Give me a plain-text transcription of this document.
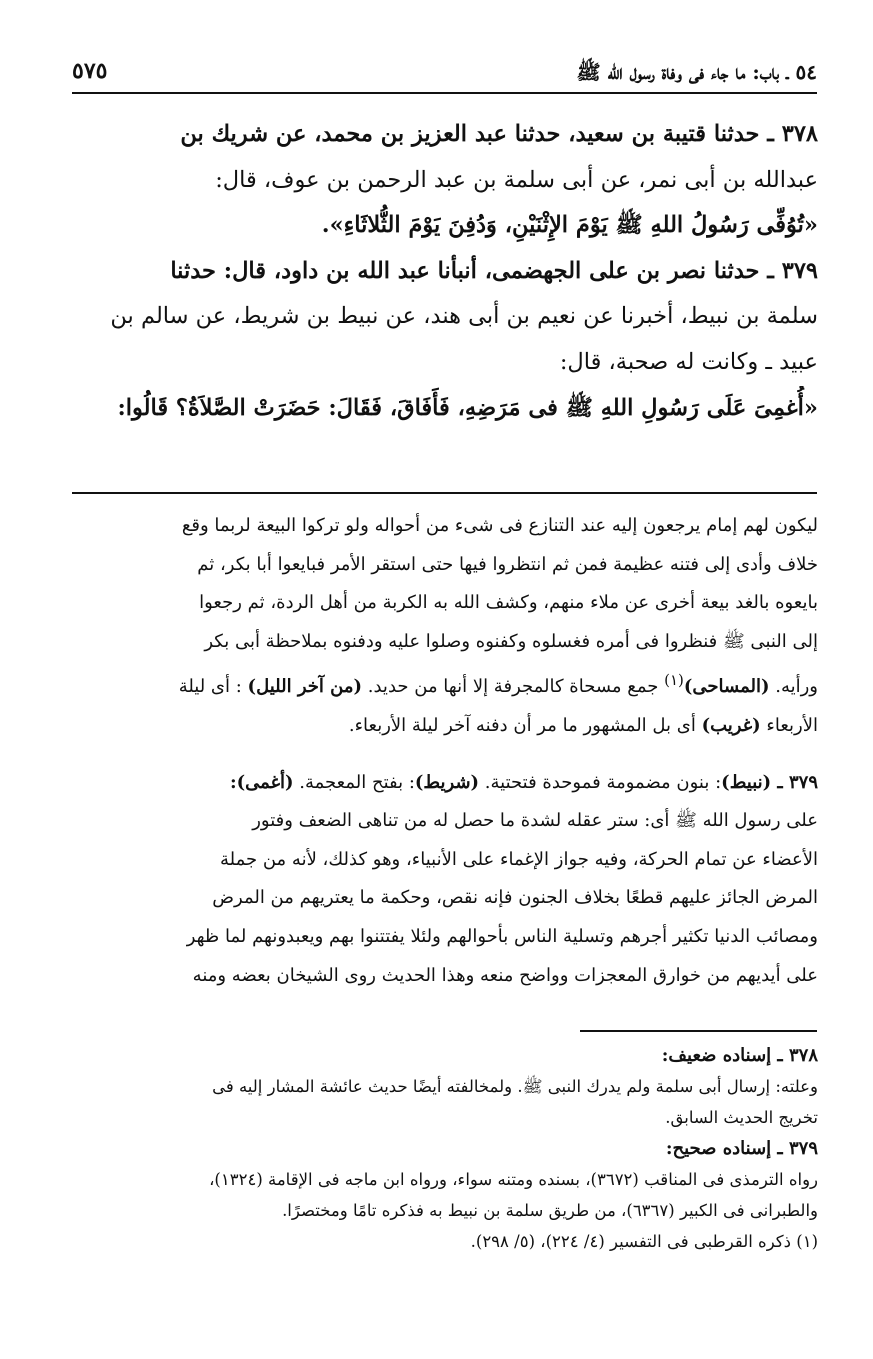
٥٤ ـ باب: ما جاء فى وفاة رسول الله ﷺ
٥٧٥
٣٧٨ ـ حدثنا قتيبة بن سعيد، حدثنا عبد العزيز بن محمد، عن شريك بن
عبدالله بن أبى نمر، عن أبى سلمة بن عبد الرحمن بن عوف، قال:
«تُوُفِّى رَسُولُ اللهِ ﷺ يَوْمَ الإِثْنَيْنِ، وَدُفِنَ يَوْمَ الثُّلاثَاءِ».
٣٧٩ ـ حدثنا نصر بن على الجهضمى، أنبأنا عبد الله بن داود، قال: حدثنا
سلمة بن نبيط، أخبرنا عن نعيم بن أبى هند، عن نبيط بن شريط، عن سالم بن
عبيد ـ وكانت له صحبة، قال:
«أُغمِىَ عَلَى رَسُولِ اللهِ ﷺ فى مَرَضِهِ، فَأَفَاقَ، فَقَالَ: حَضَرَتْ الصَّلاَةُ؟ قَالُوا:
ليكون لهم إمام يرجعون إليه عند التنازع فى شىء من أحواله ولو تركوا البيعة لربما وقع
خلاف وأدى إلى فتنه عظيمة فمن ثم انتظروا فيها حتى استقر الأمر فبايعوا أبا بكر، ثم
بايعوه بالغد بيعة أخرى عن ملاء منهم، وكشف الله به الكربة من أهل الردة، ثم رجعوا
إلى النبى ﷺ فنظروا فى أمره فغسلوه وكفنوه وصلوا عليه ودفنوه بملاحظة أبى بكر
ورأيه. (المساحى)$^{(١)}$ جمع مسحاة كالمجرفة إلا أنها من حديد. (من آخر الليل) : أى ليلة
الأربعاء (غريب) أى بل المشهور ما مر أن دفنه آخر ليلة الأربعاء.
٣٧٩ ـ (نبيط): بنون مضمومة فموحدة فتحتية. (شريط): بفتح المعجمة. (أغمى):
على رسول الله ﷺ أى: ستر عقله لشدة ما حصل له من تناهى الضعف وفتور
الأعضاء عن تمام الحركة، وفيه جواز الإغماء على الأنبياء، وهو كذلك، لأنه من جملة
المرض الجائز عليهم قطعًا بخلاف الجنون فإنه نقص، وحكمة ما يعتريهم من المرض
ومصائب الدنيا تكثير أجرهم وتسلية الناس بأحوالهم ولئلا يفتتنوا بهم ويعبدونهم لما ظهر
على أيديهم من خوارق المعجزات وواضح منعه وهذا الحديث روى الشيخان بعضه ومنه
٣٧٨ ـ إسناده ضعيف:
وعلته: إرسال أبى سلمة ولم يدرك النبى ﷺ. ولمخالفته أيضًا حديث عائشة المشار إليه فى
تخريج الحديث السابق.
٣٧٩ ـ إسناده صحيح:
رواه الترمذى فى المناقب (٣٦٧٢)، بسنده ومتنه سواء، ورواه ابن ماجه فى الإقامة (١٣٢٤)،
والطبرانى فى الكبير (٦٣٦٧)، من طريق سلمة بن نبيط به فذكره تامًا ومختصرًا.
(١) ذكره القرطبى فى التفسير (٤/ ٢٢٤)، (٥/ ٢٩٨).
